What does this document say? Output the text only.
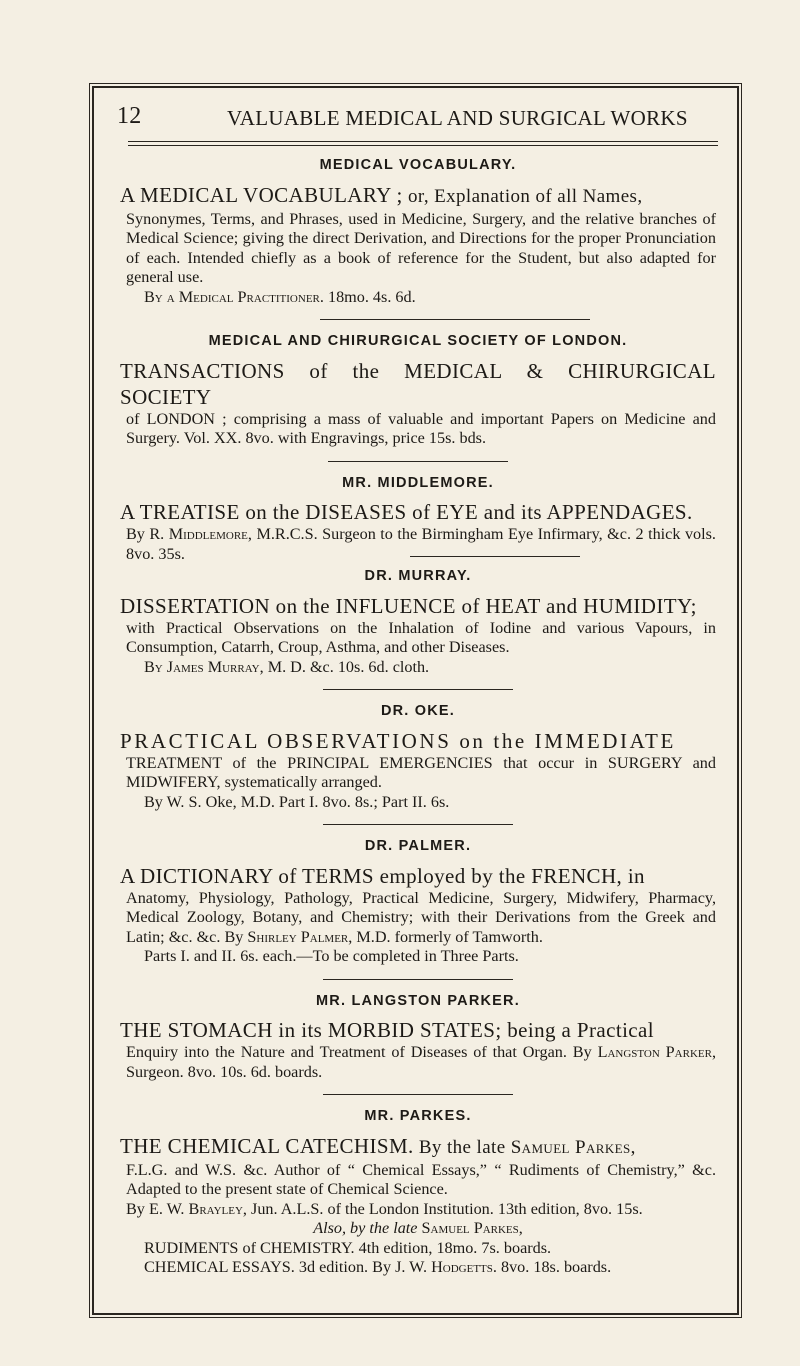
12	VALUABLE MEDICAL AND SURGICAL WORKS
MEDICAL VOCABULARY.
A MEDICAL VOCABULARY ; or, Explanation of all Names,
Synonymes, Terms, and Phrases, used in Medicine, Surgery, and the relative branches of Medical Science; giving the direct Derivation, and Directions for the proper Pronunciation of each. Intended chiefly as a book of reference for the Student, but also adapted for general use.
By a Medical Practitioner. 18mo. 4s. 6d.
MEDICAL AND CHIRURGICAL SOCIETY OF LONDON.
TRANSACTIONS of the MEDICAL & CHIRURGICAL SOCIETY
of LONDON ; comprising a mass of valuable and important Papers on Medicine and Surgery. Vol. XX. 8vo. with Engravings, price 15s. bds.
MR. MIDDLEMORE.
A TREATISE on the DISEASES of EYE and its APPENDAGES.
By R. Middlemore, M.R.C.S. Surgeon to the Birmingham Eye Infirmary, &c. 2 thick vols. 8vo. 35s.
DR. MURRAY.
DISSERTATION on the INFLUENCE of HEAT and HUMIDITY;
with Practical Observations on the Inhalation of Iodine and various Vapours, in Consumption, Catarrh, Croup, Asthma, and other Diseases.
By James Murray, M. D. &c. 10s. 6d. cloth.
DR. OKE.
PRACTICAL OBSERVATIONS on the IMMEDIATE
TREATMENT of the PRINCIPAL EMERGENCIES that occur in SURGERY and MIDWIFERY, systematically arranged.
By W. S. Oke, M.D. Part I. 8vo. 8s.; Part II. 6s.
DR. PALMER.
A DICTIONARY of TERMS employed by the FRENCH, in
Anatomy, Physiology, Pathology, Practical Medicine, Surgery, Midwifery, Pharmacy, Medical Zoology, Botany, and Chemistry; with their Derivations from the Greek and Latin; &c. &c. By Shirley Palmer, M.D. formerly of Tamworth.
Parts I. and II. 6s. each.—To be completed in Three Parts.
MR. LANGSTON PARKER.
THE STOMACH in its MORBID STATES; being a Practical
Enquiry into the Nature and Treatment of Diseases of that Organ. By Langston Parker, Surgeon. 8vo. 10s. 6d. boards.
MR. PARKES.
THE CHEMICAL CATECHISM. By the late Samuel Parkes,
F.L.G. and W.S. &c. Author of “ Chemical Essays,” “ Rudiments of Chemistry,” &c. Adapted to the present state of Chemical Science.
By E. W. Brayley, Jun. A.L.S. of the London Institution. 13th edition, 8vo. 15s.
Also, by the late Samuel Parkes,
RUDIMENTS of CHEMISTRY. 4th edition, 18mo. 7s. boards.
CHEMICAL ESSAYS. 3d edition. By J. W. Hodgetts. 8vo. 18s. boards.
